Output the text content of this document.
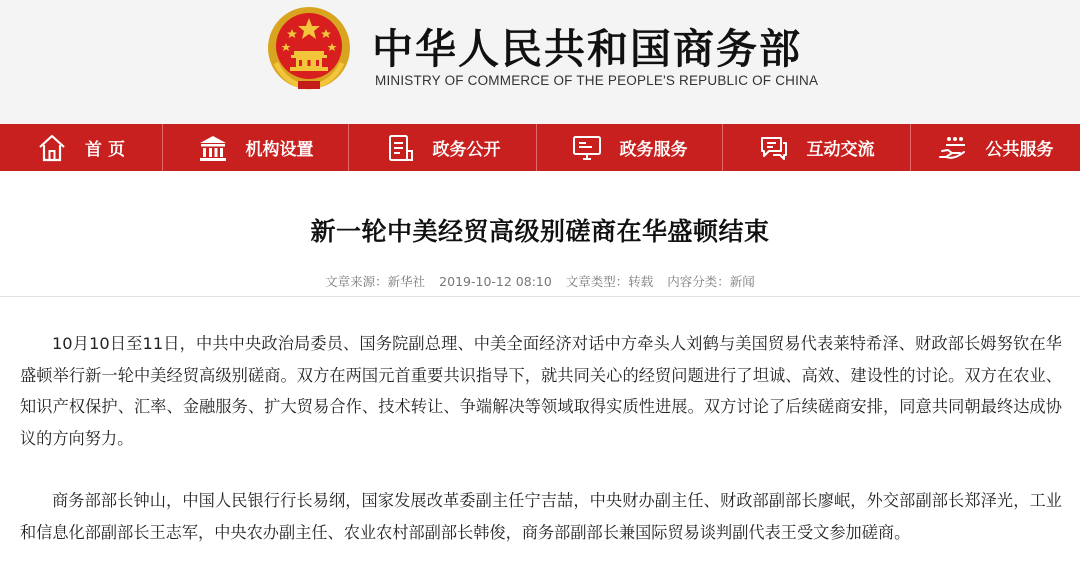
中华人民共和国商务部
MINISTRY OF COMMERCE OF THE PEOPLE'S REPUBLIC OF CHINA
首 页	机构设置	政务公开	政务服务	互动交流	公共服务
新一轮中美经贸高级别磋商在华盛顿结束
文章来源：新华社 2019-10-12 08:10 文章类型：转载 内容分类：新闻

10月10日至11日，中共中央政治局委员、国务院副总理、中美全面经济对话中方牵头人刘鹤与美国贸易代表莱特希泽、财政部长姆努钦在华盛顿举行新一轮中美经贸高级别磋商。双方在两国元首重要共识指导下，就共同关心的经贸问题进行了坦诚、高效、建设性的讨论。双方在农业、知识产权保护、汇率、金融服务、扩大贸易合作、技术转让、争端解决等领域取得实质性进展。双方讨论了后续磋商安排，同意共同朝最终达成协议的方向努力。

商务部部长钟山，中国人民银行行长易纲，国家发展改革委副主任宁吉喆，中央财办副主任、财政部副部长廖岷，外交部副部长郑泽光，工业和信息化部副部长王志军，中央农办副主任、农业农村部副部长韩俊，商务部副部长兼国际贸易谈判副代表王受文参加磋商。
